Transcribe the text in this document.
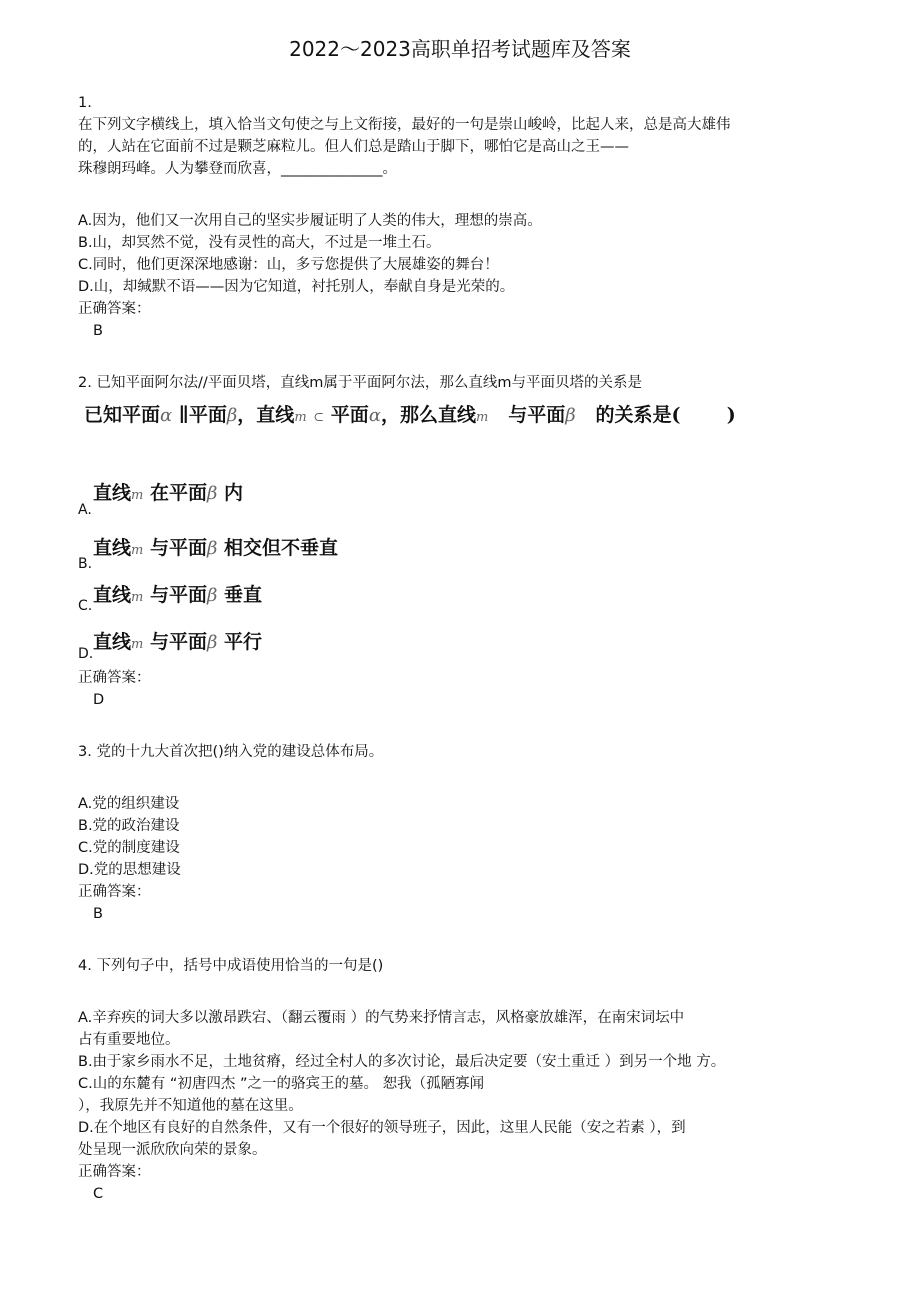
2022～2023高职单招考试题库及答案
1.
在下列文字横线上，填入恰当文句使之与上文衔接，最好的一句是崇山峻岭，比起人来，总是高大雄伟
的，人站在它面前不过是颗芝麻粒儿。但人们总是踏山于脚下，哪怕它是高山之王——
珠穆朗玛峰。人为攀登而欣喜，______________。
A.因为，他们又一次用自己的坚实步履证明了人类的伟大，理想的崇高。
B.山，却冥然不觉，没有灵性的高大，不过是一堆土石。
C.同时，他们更深深地感谢：山，多亏您提供了大展雄姿的舞台！
D.山，却缄默不语——因为它知道，衬托别人，奉献自身是光荣的。
正确答案：
B
2. 已知平面阿尔法//平面贝塔，直线m属于平面阿尔法，那么直线m与平面贝塔的关系是
已知平面α ∥平面β，直线m ⊂ 平面α，那么直线m 与平面β 的关系是( )
直线m 在平面β 内
A.
直线m 与平面β 相交但不垂直
B.
直线m 与平面β 垂直
C.
直线m 与平面β 平行
D.
正确答案：
D
3. 党的十九大首次把()纳入党的建设总体布局。
A.党的组织建设
B.党的政治建设
C.党的制度建设
D.党的思想建设
正确答案：
B
4. 下列句子中，括号中成语使用恰当的一句是()
A.辛弃疾的词大多以激昂跌宕、（翻云覆雨 ）的气势来抒情言志，风格豪放雄浑，在南宋词坛中
占有重要地位。
B.由于家乡雨水不足，土地贫瘠，经过全村人的多次讨论，最后决定要（安土重迁 ）到另一个地 方。
C.山的东麓有 “初唐四杰 ”之一的骆宾王的墓。 恕我（孤陋寡闻
），我原先并不知道他的墓在这里。
D.在个地区有良好的自然条件，又有一个很好的领导班子，因此，这里人民能（安之若素 ），到
处呈现一派欣欣向荣的景象。
正确答案：
C
